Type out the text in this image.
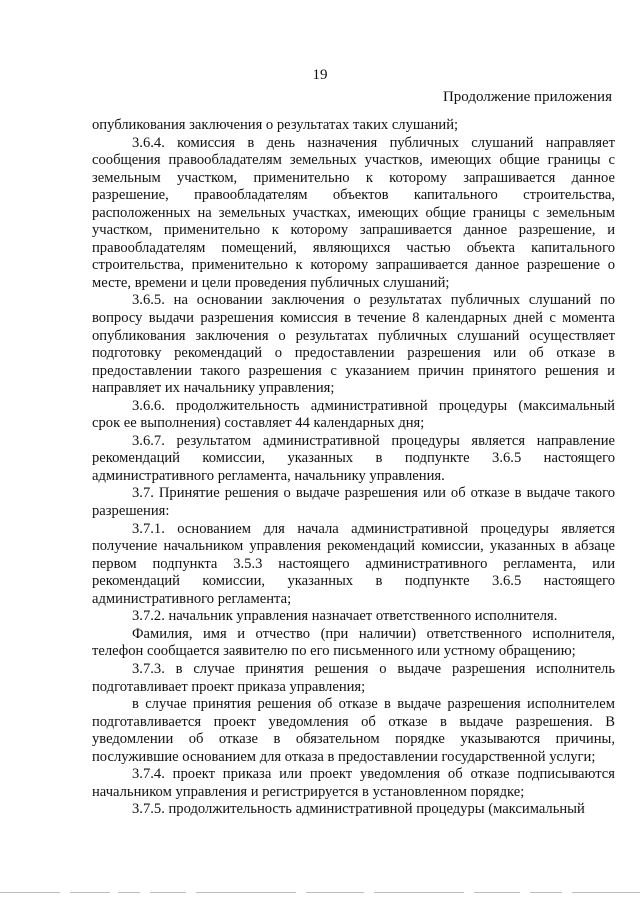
19
Продолжение приложения

опубликования заключения о результатах таких слушаний;

3.6.4. комиссия в день назначения публичных слушаний направляет сообщения правообладателям земельных участков, имеющих общие границы с земельным участком, применительно к которому запрашивается данное разрешение, правообладателям объектов капитального строительства, расположенных на земельных участках, имеющих общие границы с земельным участком, применительно к которому запрашивается данное разрешение, и правообладателям помещений, являющихся частью объекта капитального строительства, применительно к которому запрашивается данное разрешение о месте, времени и цели проведения публичных слушаний;

3.6.5. на основании заключения о результатах публичных слушаний по вопросу выдачи разрешения комиссия в течение 8 календарных дней с момента опубликования заключения о результатах публичных слушаний осуществляет подготовку рекомендаций о предоставлении разрешения или об отказе в предоставлении такого разрешения с указанием причин принятого решения и направляет их начальнику управления;

3.6.6. продолжительность административной процедуры (максимальный срок ее выполнения) составляет 44 календарных дня;

3.6.7. результатом административной процедуры является направление рекомендаций комиссии, указанных в подпункте 3.6.5 настоящего административного регламента, начальнику управления.

3.7. Принятие решения о выдаче разрешения или об отказе в выдаче такого разрешения:

3.7.1. основанием для начала административной процедуры является получение начальником управления рекомендаций комиссии, указанных в абзаце первом подпункта 3.5.3 настоящего административного регламента, или рекомендаций комиссии, указанных в подпункте 3.6.5 настоящего административного регламента;

3.7.2. начальник управления назначает ответственного исполнителя.

Фамилия, имя и отчество (при наличии) ответственного исполнителя, телефон сообщается заявителю по его письменного или устному обращению;

3.7.3. в случае принятия решения о выдаче разрешения исполнитель подготавливает проект приказа управления;

в случае принятия решения об отказе в выдаче разрешения исполнителем подготавливается проект уведомления об отказе в выдаче разрешения. В уведомлении об отказе в обязательном порядке указываются причины, послужившие основанием для отказа в предоставлении государственной услуги;

3.7.4. проект приказа или проект уведомления об отказе подписываются начальником управления и регистрируется в установленном порядке;

3.7.5. продолжительность административной процедуры (максимальный
